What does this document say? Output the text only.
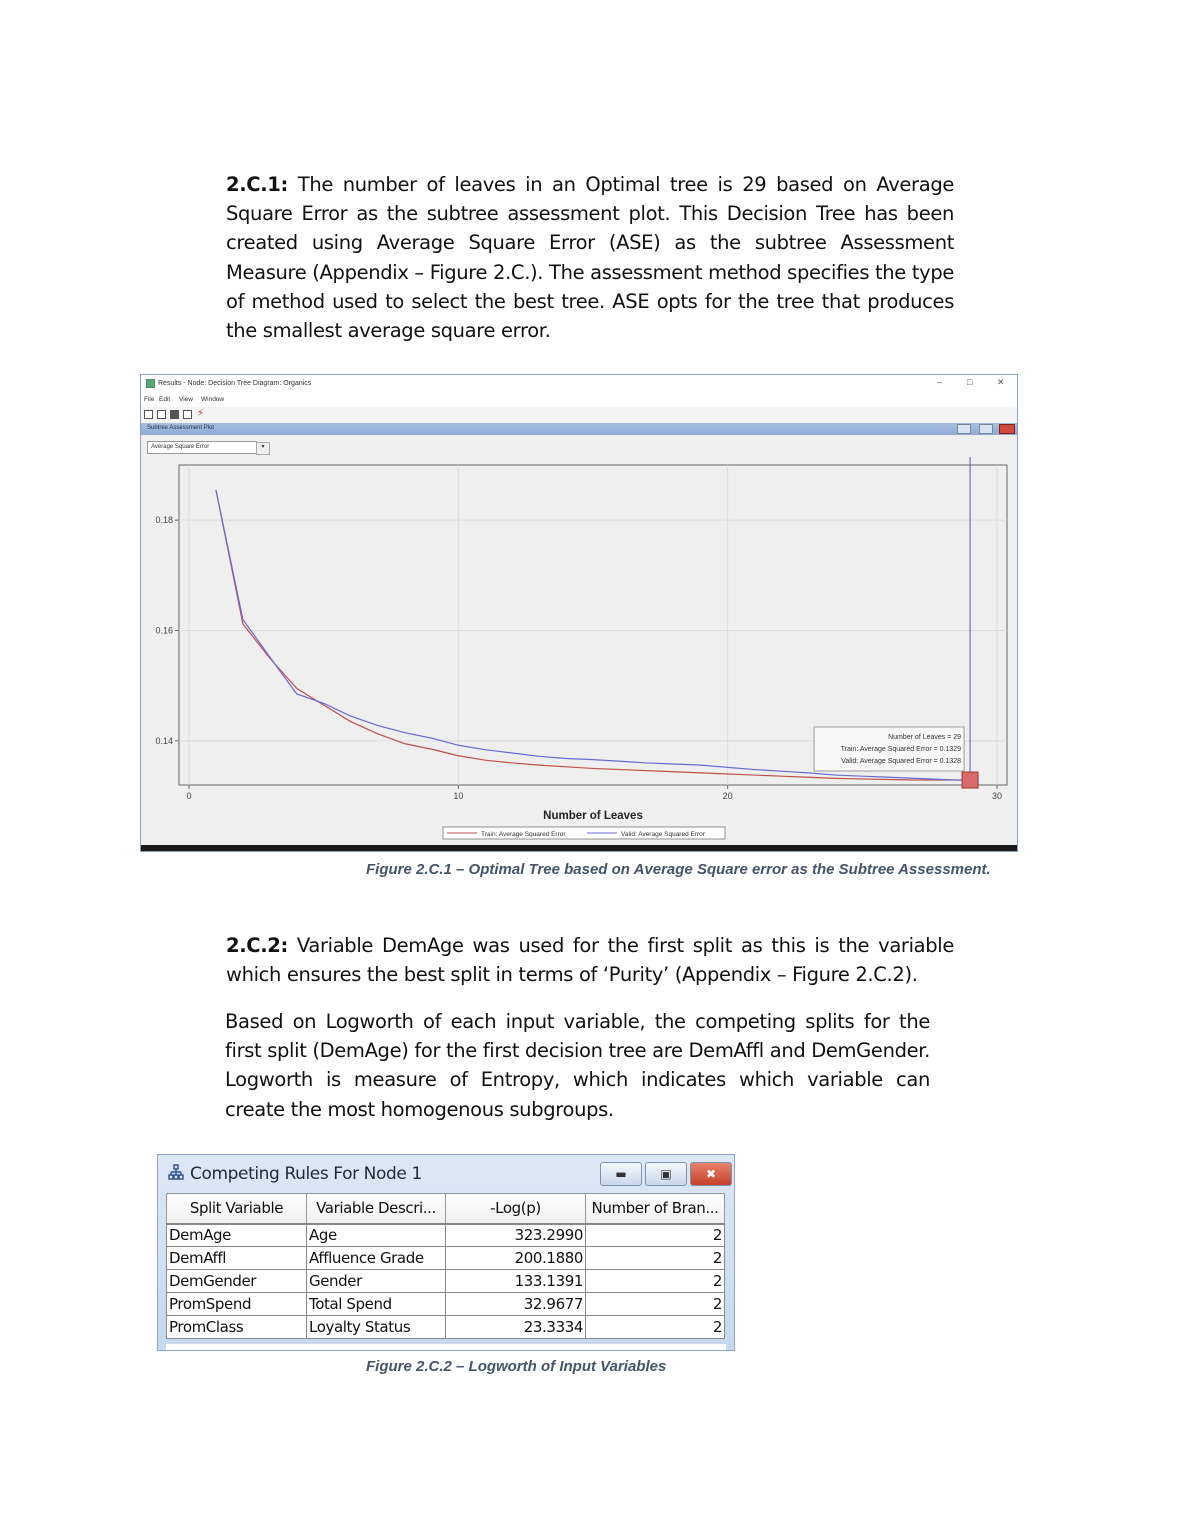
2.C.1: The number of leaves in an Optimal tree is 29 based on Average Square Error as the subtree assessment plot. This Decision Tree has been created using Average Square Error (ASE) as the subtree Assessment Measure (Appendix – Figure 2.C.). The assessment method specifies the type of method used to select the best tree. ASE opts for the tree that produces the smallest average square error.
Results - Node: Decision Tree Diagram: Organics	–	□	✕
File Edit View Window
⚡
Subtree Assessment Plot
Average Square Error	▾
0	10	20	30
0.14
0.16
0.18
Number of Leaves = 29
Train: Average Squared Error = 0.1329
Valid: Average Squared Error = 0.1328
Number of Leaves
Train: Average Squared Error	Valid: Average Squared Error
Figure 2.C.1 – Optimal Tree based on Average Square error as the Subtree Assessment.
2.C.2: Variable DemAge was used for the first split as this is the variable which ensures the best split in terms of ‘Purity’ (Appendix – Figure 2.C.2).
Based on Logworth of each input variable, the competing splits for the first split (DemAge) for the first decision tree are DemAffl and DemGender. Logworth is measure of Entropy, which indicates which variable can create the most homogenous subgroups.
Competing Rules For Node 1	▬	▣	✖
Split Variable	Variable Descri...	-Log(p)	Number of Bran...
DemAge	Age	323.2990	2
DemAffl	Affluence Grade	200.1880	2
DemGender	Gender	133.1391	2
PromSpend	Total Spend	32.9677	2
PromClass	Loyalty Status	23.3334	2
Figure 2.C.2 – Logworth of Input Variables
